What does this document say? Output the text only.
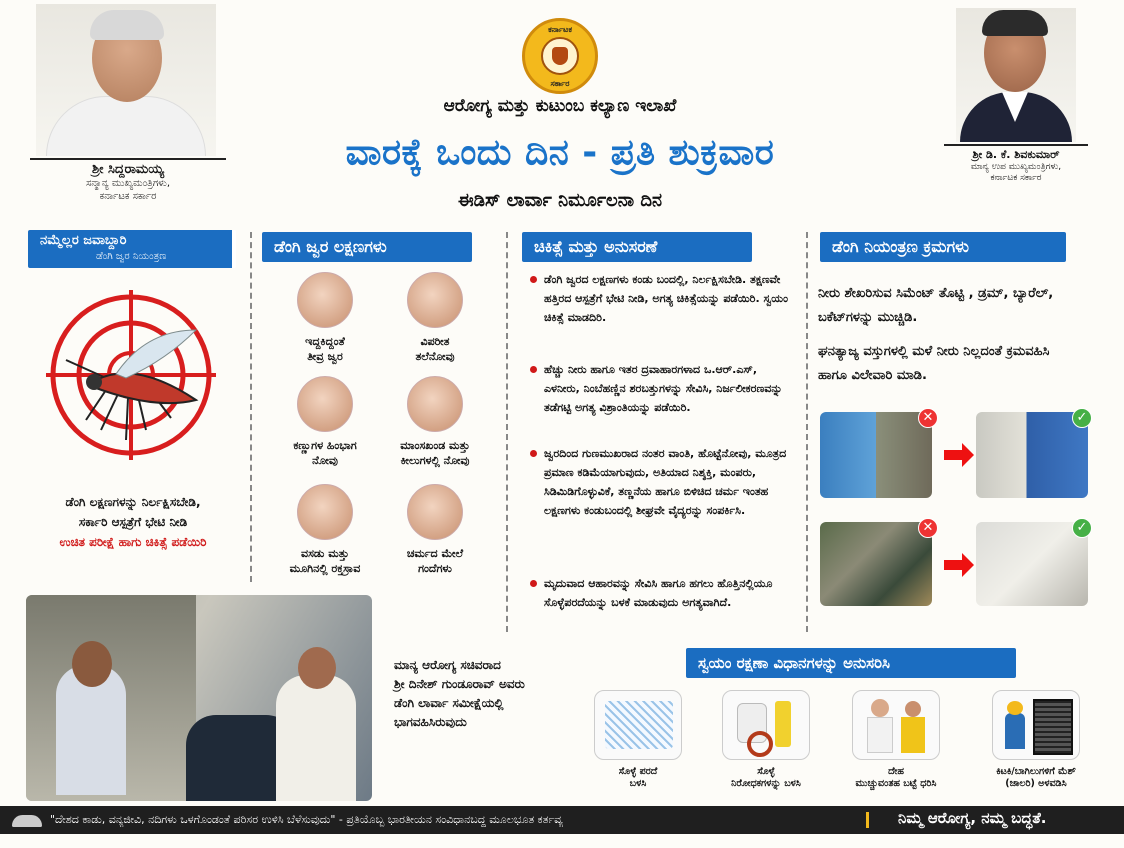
ಶ್ರೀ ಸಿದ್ದರಾಮಯ್ಯ
ಸನ್ಮಾನ್ಯ ಮುಖ್ಯಮಂತ್ರಿಗಳು,
ಕರ್ನಾಟಕ ಸರ್ಕಾರ
ಶ್ರೀ ಡಿ. ಕೆ. ಶಿವಕುಮಾರ್
ಮಾನ್ಯ ಉಪ ಮುಖ್ಯಮಂತ್ರಿಗಳು,
ಕರ್ನಾಟಕ ಸರ್ಕಾರ
ಕರ್ನಾಟಕ
ಸರ್ಕಾರ
ಆರೋಗ್ಯ ಮತ್ತು ಕುಟುಂಬ ಕಲ್ಯಾಣ ಇಲಾಖೆ
ವಾರಕ್ಕೆ ಒಂದು ದಿನ - ಪ್ರತಿ ಶುಕ್ರವಾರ
ಈಡಿಸ್ ಲಾರ್ವಾ ನಿರ್ಮೂಲನಾ ದಿನ
ನಮ್ಮೆಲ್ಲರ ಜವಾಬ್ದಾರಿ
ಡೆಂಗಿ ಜ್ವರ ನಿಯಂತ್ರಣ
ಡೆಂಗಿ ಜ್ವರ ಲಕ್ಷಣಗಳು	ಚಿಕಿತ್ಸೆ ಮತ್ತು ಅನುಸರಣೆ	ಡೆಂಗಿ ನಿಯಂತ್ರಣ ಕ್ರಮಗಳು
ಡೆಂಗಿ ಲಕ್ಷಣಗಳನ್ನು ನಿರ್ಲಕ್ಷಿಸಬೇಡಿ,
ಸರ್ಕಾರಿ ಆಸ್ಪತ್ರೆಗೆ ಭೇಟಿ ನೀಡಿ
ಉಚಿತ ಪರೀಕ್ಷೆ ಹಾಗು ಚಿಕಿತ್ಸೆ ಪಡೆಯಿರಿ
ಇದ್ದಕಿದ್ದಂತೆ
ತೀವ್ರ ಜ್ವರ
ವಿಪರೀತ
ತಲೆನೋವು
ಕಣ್ಣುಗಳ ಹಿಂಭಾಗ
ನೋವು
ಮಾಂಸಖಂಡ ಮತ್ತು
ಕೀಲುಗಳಲ್ಲಿ ನೋವು
ವಸಡು ಮತ್ತು
ಮೂಗಿನಲ್ಲಿ ರಕ್ತಸ್ರಾವ
ಚರ್ಮದ ಮೇಲೆ
ಗಂದೆಗಳು
ಡೆಂಗಿ ಜ್ವರದ ಲಕ್ಷಣಗಳು ಕಂಡು ಬಂದಲ್ಲಿ, ನಿರ್ಲಕ್ಷಿಸಬೇಡಿ. ತಕ್ಷಣವೇ ಹತ್ತಿರದ ಆಸ್ಪತ್ರೆಗೆ ಭೇಟಿ ನೀಡಿ, ಅಗತ್ಯ ಚಿಕಿತ್ಸೆಯನ್ನು ಪಡೆಯಿರಿ. ಸ್ವಯಂ ಚಿಕಿತ್ಸೆ ಮಾಡದಿರಿ.
ಹೆಚ್ಚು ನೀರು ಹಾಗೂ ಇತರ ದ್ರವಾಹಾರಗಳಾದ ಒ.ಆರ್.ಎಸ್, ಎಳನೀರು, ನಿಂಬೆಹಣ್ಣಿನ ಶರಬತ್ತುಗಳನ್ನು ಸೇವಿಸಿ, ನಿರ್ಜಲೀಕರಣವನ್ನು ತಡೆಗಟ್ಟಿ ಅಗತ್ಯ ವಿಶ್ರಾಂತಿಯನ್ನು ಪಡೆಯಿರಿ.
ಜ್ವರದಿಂದ ಗುಣಮುಖರಾದ ನಂತರ ವಾಂತಿ, ಹೊಟ್ಟೆನೋವು, ಮೂತ್ರದ ಪ್ರಮಾಣ ಕಡಿಮೆಯಾಗುವುದು, ಅತಿಯಾದ ನಿಶ್ಶಕ್ತಿ, ಮಂಪರು, ಸಿಡಿಮಿಡಿಗೊಳ್ಳುವಿಕೆ, ತಣ್ಣನೆಯ ಹಾಗೂ ಬಿಳಿಚಿದ ಚರ್ಮ ಇಂತಹ ಲಕ್ಷಣಗಳು ಕಂಡುಬಂದಲ್ಲಿ ಶೀಘ್ರವೇ ವೈದ್ಯರನ್ನು ಸಂಪರ್ಕಿಸಿ.
ಮೃದುವಾದ ಆಹಾರವನ್ನು ಸೇವಿಸಿ ಹಾಗೂ ಹಗಲು ಹೊತ್ತಿನಲ್ಲಿಯೂ ಸೊಳ್ಳೆಪರದೆಯನ್ನು ಬಳಕೆ ಮಾಡುವುದು ಅಗತ್ಯವಾಗಿದೆ.
ನೀರು ಶೇಖರಿಸುವ ಸಿಮೆಂಟ್ ತೊಟ್ಟಿ , ಡ್ರಮ್, ಬ್ಯಾರೆಲ್, ಬಕೆಟ್‌ಗಳನ್ನು ಮುಚ್ಚಿಡಿ.
ಘನತ್ಯಾಜ್ಯ ವಸ್ತುಗಳಲ್ಲಿ ಮಳೆ ನೀರು ನಿಲ್ಲದಂತೆ ಕ್ರಮವಹಿಸಿ ಹಾಗೂ ವಿಲೇವಾರಿ ಮಾಡಿ.
✕	✓
✕	✓
ಮಾನ್ಯ ಆರೋಗ್ಯ ಸಚಿವರಾದ
ಶ್ರೀ ದಿನೇಶ್ ಗುಂಡೂರಾವ್ ಅವರು
ಡೆಂಗಿ ಲಾರ್ವಾ ಸಮೀಕ್ಷೆಯಲ್ಲಿ
ಭಾಗವಹಿಸಿರುವುದು
ಸ್ವಯಂ ರಕ್ಷಣಾ ವಿಧಾನಗಳನ್ನು ಅನುಸರಿಸಿ
ಸೊಳ್ಳೆ ಪರದೆ
ಬಳಸಿ
ಸೊಳ್ಳೆ
ನಿರೋಧಕಗಳನ್ನು ಬಳಸಿ
ದೇಹ
ಮುಚ್ಚುವಂತಹ ಬಟ್ಟೆ ಧರಿಸಿ
ಕಿಟಕಿ/ಬಾಗಿಲುಗಳಿಗೆ ಮೆಶ್
(ಜಾಲರಿ) ಅಳವಡಿಸಿ
"ದೇಶದ ಕಾಡು, ವನ್ಯಜೀವಿ, ನದಿಗಳು ಒಳಗೊಂಡಂತೆ ಪರಿಸರ ಉಳಿಸಿ ಬೆಳೆಸುವುದು" - ಪ್ರತಿಯೊಬ್ಬ ಭಾರತೀಯನ ಸಂವಿಧಾನಬದ್ಧ ಮೂಲಭೂತ ಕರ್ತವ್ಯ	ನಿಮ್ಮ ಆರೋಗ್ಯ, ನಮ್ಮ ಬದ್ಧತೆ.
